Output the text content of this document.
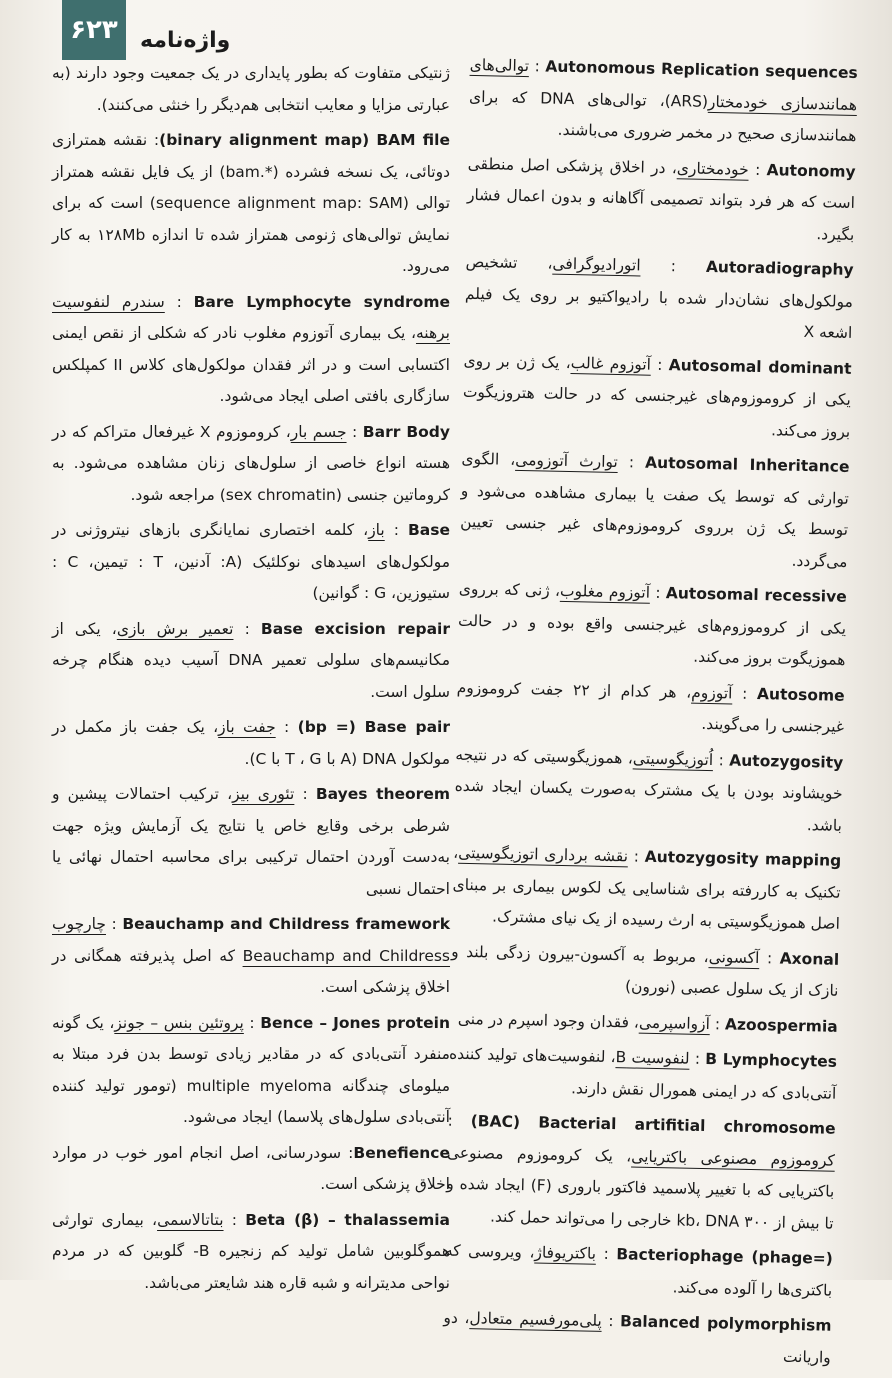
۶۲۳ واژه‌نامه

Autonomous Replication sequences : توالی‌های همانندسازی خودمختار(ARS)، توالی‌های DNA که برای همانندسازی صحیح در مخمر ضروری می‌باشند.

Autonomy : خودمختاری، در اخلاق پزشکی اصل منطقی است که هر فرد بتواند تصمیمی آگاهانه و بدون اعمال فشار بگیرد.

Autoradiography : اتورادیوگرافی، تشخیص مولکول‌های نشان‌دار شده با رادیواکتیو بر روی یک فیلم اشعه X

Autosomal dominant : آتوزوم غالب، یک ژن بر روی یکی از کروموزوم‌های غیرجنسی که در حالت هتروزیگوت بروز می‌کند.

Autosomal Inheritance : توارث آتوزومی، الگوی توارثی که توسط یک صفت یا بیماری مشاهده می‌شود و توسط یک ژن برروی کروموزوم‌های غیر جنسی تعیین می‌گردد.

Autosomal recessive : آتوزوم مغلوب، ژنی که برروی یکی از کروموزوم‌های غیرجنسی واقع بوده و در حالت هموزیگوت بروز می‌کند.

Autosome : آتوزوم، هر کدام از ۲۲ جفت کروموزوم غیرجنسی را می‌گویند.

Autozygosity : اُتوزیگوسیتی، هموزیگوسیتی که در نتیجه خویشاوند بودن با یک مشترک به‌صورت یکسان ایجاد شده باشد.

Autozygosity mapping : نقشه برداری اتوزیگوسیتی، تکنیک به کاررفته برای شناسایی یک لکوس بیماری بر مبنای اصل هموزیگوسیتی به ارث رسیده از یک نیای مشترک.

Axonal : آکسونی، مربوط به آکسون-بیرون زدگی بلند و نازک از یک سلول عصبی (نورون)

Azoospermia : آزواسپرمی، فقدان وجود اسپرم در منی

B Lymphocytes : لنفوسیت B، لنفوسیت‌های تولید کننده آنتی‌بادی که در ایمنی همورال نقش دارند.

(BAC) Bacterial artifitial chromosome : کروموزوم مصنوعی باکتریایی، یک کروموزوم مصنوعی باکتریایی که با تغییر پلاسمید فاکتور باروری (F) ایجاد شده و تا بیش از ۳۰۰ kb، DNA خارجی را می‌تواند حمل کند.

Bacteriophage (phage=) : باکتریوفاژ، ویروسی که باکتری‌ها را آلوده می‌کند.

Balanced polymorphism : پلی‌مورفسیم متعادل، دو واریانت

ژنتیکی متفاوت که بطور پایداری در یک جمعیت وجود دارند (به عبارتی مزایا و معایب انتخابی هم‌دیگر را خنثی می‌کنند).

(binary alignment map) BAM file: نقشه همترازی دوتائی، یک نسخه فشرده (*.bam) از یک فایل نقشه همتراز توالی (sequence alignment map: SAM) است که برای نمایش توالی‌های ژنومی همتراز شده تا اندازه ۱۲۸Mb به کار می‌رود.

Bare Lymphocyte syndrome : سندرم لنفوسیت برهنه، یک بیماری آتوزوم مغلوب نادر که شکلی از نقص ایمنی اکتسابی است و در اثر فقدان مولکول‌های کلاس II کمپلکس سازگاری بافتی اصلی ایجاد می‌شود.

Barr Body : جسم بار، کروموزوم X غیرفعال متراکم که در هسته انواع خاصی از سلول‌های زنان مشاهده می‌شود. به کروماتین جنسی (sex chromatin) مراجعه شود.

Base : باز، کلمه اختصاری نمایانگری بازهای نیتروژنی در مولکول‌های اسیدهای نوکلئیک (A: آدنین، T : تیمین، C : ستیوزین، G : گوانین)

Base excision repair : تعمیر برش بازی، یکی از مکانیسم‌های سلولی تعمیر DNA آسیب دیده هنگام چرخه سلول است.

(bp =) Base pair : جفت باز، یک جفت باز مکمل در مولکول DNA (A با T ، G با C).

Bayes theorem : تئوری بیز، ترکیب احتمالات پیشین و شرطی برخی وقایع خاص یا نتایج یک آزمایش ویژه جهت به‌دست آوردن احتمال ترکیبی برای محاسبه احتمال نهائی یا احتمال نسبی

Beauchamp and Childress framework : چارچوب Beauchamp and Childress که اصل پذیرفته همگانی در اخلاق پزشکی است.

Bence – Jones protein : پروتئین بنس – جونز، یک گونه منفرد آنتی‌بادی که در مقادیر زیادی توسط بدن فرد مبتلا به میلومای چندگانه multiple myeloma (تومور تولید کننده آنتی‌بادی سلول‌های پلاسما) ایجاد می‌شود.

Benefience: سودرسانی، اصل انجام امور خوب در موارد اخلاق پزشکی است.

Beta (β) – thalassemia : بتاتالاسمی، بیماری توارثی هموگلوبین شامل تولید کم زنجیره B- گلوبین که در مردم نواحی مدیترانه و شبه قاره هند شایعتر می‌باشد.
